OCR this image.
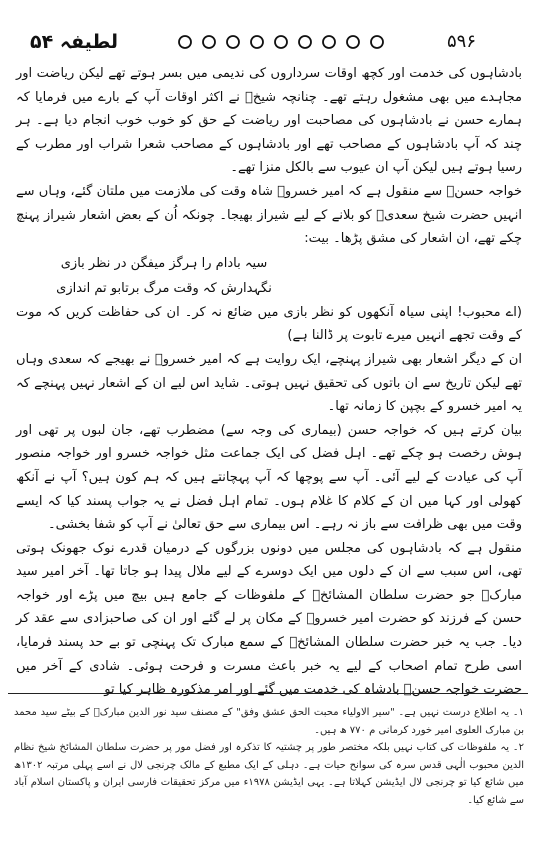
لطیفہ ۵۴	۵۹۶

بادشاہوں کی خدمت اور کچھ اوقات سرداروں کی ندیمی میں بسر ہوتے تھے لیکن ریاضت اور مجاہدے میں بھی مشغول رہتے تھے۔ چنانچہ شیخؒ نے اکثر اوقات آپ کے بارے میں فرمایا کہ ہمارے حسن نے بادشاہوں کی مصاحبت اور ریاضت کے حق کو خوب خوب انجام دیا ہے۔ ہر چند کہ آپ بادشاہوں کے مصاحب تھے اور بادشاہوں کے مصاحب شعرا شراب اور مطرب کے رسیا ہوتے ہیں لیکن آپ ان عیوب سے بالکل منزا تھے۔

خواجہ حسنؒ سے منقول ہے کہ امیر خسروؒ شاہ وقت کی ملازمت میں ملتان گئے، وہاں سے انہیں حضرت شیخ سعدیؒ کو بلانے کے لیے شیراز بھیجا۔ چونکہ اُن کے بعض اشعار شیراز پہنچ چکے تھے، ان اشعار کی مشق پڑھا۔ بیت:

سیہ بادام را ہرگز میفگن در نظر بازی
نگہدارش کہ وقت مرگ برتابو تم اندازی

(اے محبوب! اپنی سیاہ آنکھوں کو نظر بازی میں ضائع نہ کر۔ ان کی حفاظت کریں کہ موت کے وقت تجھے انہیں میرے تابوت پر ڈالنا ہے)

ان کے دیگر اشعار بھی شیراز پہنچے، ایک روایت ہے کہ امیر خسروؒ نے بھیجے کہ سعدی وہاں تھے لیکن تاریخ سے ان باتوں کی تحقیق نہیں ہوتی۔ شاید اس لیے ان کے اشعار نہیں پہنچے کہ یہ امیر خسرو کے بچپن کا زمانہ تھا۔

بیان کرتے ہیں کہ خواجہ حسن (بیماری کی وجہ سے) مضطرب تھے، جان لبوں پر تھی اور ہوش رخصت ہو چکے تھے۔ اہل فضل کی ایک جماعت مثل خواجہ خسرو اور خواجہ منصور آپ کی عیادت کے لیے آئی۔ آپ سے پوچھا کہ آپ پہچانتے ہیں کہ ہم کون ہیں؟ آپ نے آنکھ کھولی اور کہا میں ان کے کلام کا غلام ہوں۔ تمام اہل فضل نے یہ جواب پسند کیا کہ ایسے وقت میں بھی ظرافت سے باز نہ رہے۔ اس بیماری سے حق تعالیٰ نے آپ کو شفا بخشی۔

منقول ہے کہ بادشاہوں کی مجلس میں دونوں بزرگوں کے درمیان قدرے نوک جھونک ہوتی تھی، اس سبب سے ان کے دلوں میں ایک دوسرے کے لیے ملال پیدا ہو جاتا تھا۔ آخر امیر سید مبارکؒ جو حضرت سلطان المشائخؒ کے ملفوظات کے جامع ہیں بیچ میں پڑے اور خواجہ حسن کے فرزند کو حضرت امیر خسروؒ کے مکان پر لے گئے اور ان کی صاحبزادی سے عقد کر دیا۔ جب یہ خبر حضرت سلطان المشائخؒ کے سمع مبارک تک پہنچی تو بے حد پسند فرمایا، اسی طرح تمام اصحاب کے لیے یہ خبر باعث مسرت و فرحت ہوئی۔ شادی کے آخر میں حضرت خواجہ حسنؒ بادشاہ کی خدمت میں گئے اور امر مذکورہ ظاہر کیا تو

۱۔ یہ اطلاع درست نہیں ہے۔ "سیر الاولیاء محبت الحق عشق وفق" کے مصنف سید نور الدین مبارکؒ کے بیٹے سید محمد بن مبارک العلوی امیر خورد کرمانی م ۷۷۰ ھ ہیں۔

۲۔ یہ ملفوظات کی کتاب نہیں بلکہ مختصر طور پر چشتیہ کا تذکرہ اور فضل مور پر حضرت سلطان المشائخ شیخ نظام الدین محبوب الٰہی قدس سرہ کی سوانح حیات ہے۔ دہلی کے ایک مطبع کے مالک چرنجی لال نے اسے پہلی مرتبہ ۱۳۰۲ھ میں شائع کیا تو چرنجی لال ایڈیشن کہلاتا ہے۔ یہی ایڈیشن ۱۹۷۸ء میں مرکز تحقیقات فارسی ایران و پاکستان اسلام آباد سے شائع کیا۔
